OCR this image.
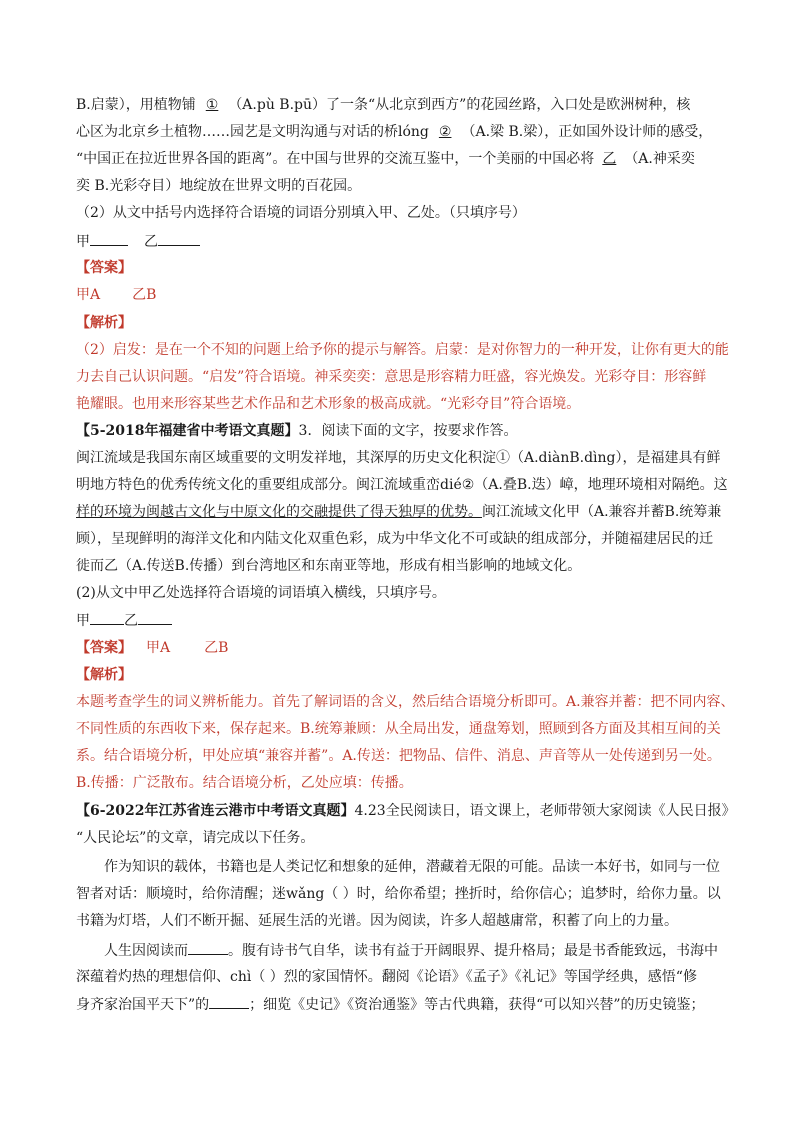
B.启蒙），用植物铺 ① （A.pù B.pū）了一条“从北京到西方”的花园丝路，入口处是欧洲树种，核
心区为北京乡土植物……园艺是文明沟通与对话的桥lóng ② （A.梁 B.梁），正如国外设计师的感受，
“中国正在拉近世界各国的距离”。在中国与世界的交流互鉴中，一个美丽的中国必将 乙 （A.神采奕
奕 B.光彩夺目）地绽放在世界文明的百花园。
（2）从文中括号内选择符合语境的词语分别填入甲、乙处。（只填序号）
甲	乙
【答案】
甲A 乙B
【解析】
（2）启发：是在一个不知的问题上给予你的提示与解答。启蒙：是对你智力的一种开发，让你有更大的能
力去自己认识问题。“启发”符合语境。神采奕奕：意思是形容精力旺盛，容光焕发。光彩夺目：形容鲜
艳耀眼。也用来形容某些艺术作品和艺术形象的极高成就。“光彩夺目”符合语境。
【5-2018年福建省中考语文真题】3．阅读下面的文字，按要求作答。
闽江流域是我国东南区域重要的文明发祥地，其深厚的历史文化积淀①（A.diànB.dìng），是福建具有鲜
明地方特色的优秀传统文化的重要组成部分。闽江流域重峦dié②（A.叠B.迭）嶂，地理环境相对隔绝。这
样的环境为闽越古文化与中原文化的交融提供了得天独厚的优势。闽江流域文化甲（A.兼容并蓄B.统筹兼
顾），呈现鲜明的海洋文化和内陆文化双重色彩，成为中华文化不可或缺的组成部分，并随福建居民的迁
徙而乙（A.传送B.传播）到台湾地区和东南亚等地，形成有相当影响的地域文化。
(2)从文中甲乙处选择符合语境的词语填入横线，只填序号。
甲 乙
【答案】 甲A 乙B
【解析】
本题考查学生的词义辨析能力。首先了解词语的含义，然后结合语境分析即可。A.兼容并蓄：把不同内容、
不同性质的东西收下来，保存起来。B.统筹兼顾：从全局出发，通盘筹划，照顾到各方面及其相互间的关
系。结合语境分析，甲处应填“兼容并蓄”。A.传送：把物品、信件、消息、声音等从一处传递到另一处。
B.传播：广泛散布。结合语境分析，乙处应填：传播。
【6-2022年江苏省连云港市中考语文真题】4.23全民阅读日，语文课上，老师带领大家阅读《人民日报》
“人民论坛”的文章，请完成以下任务。
作为知识的载体，书籍也是人类记忆和想象的延伸，潜藏着无限的可能。品读一本好书，如同与一位
智者对话：顺境时，给你清醒；迷wǎng（ ）时，给你希望；挫折时，给你信心；追梦时，给你力量。以
书籍为灯塔，人们不断开掘、延展生活的光谱。因为阅读，许多人超越庸常，积蓄了向上的力量。
人生因阅读而	。腹有诗书气自华，读书有益于开阔眼界、提升格局；最是书香能致远，书海中
深蕴着灼热的理想信仰、chì（ ）烈的家国情怀。翻阅《论语》《孟子》《礼记》等国学经典，感悟“修
身齐家治国平天下”的	；细览《史记》《资治通鉴》等古代典籍，获得“可以知兴替”的历史镜鉴；
